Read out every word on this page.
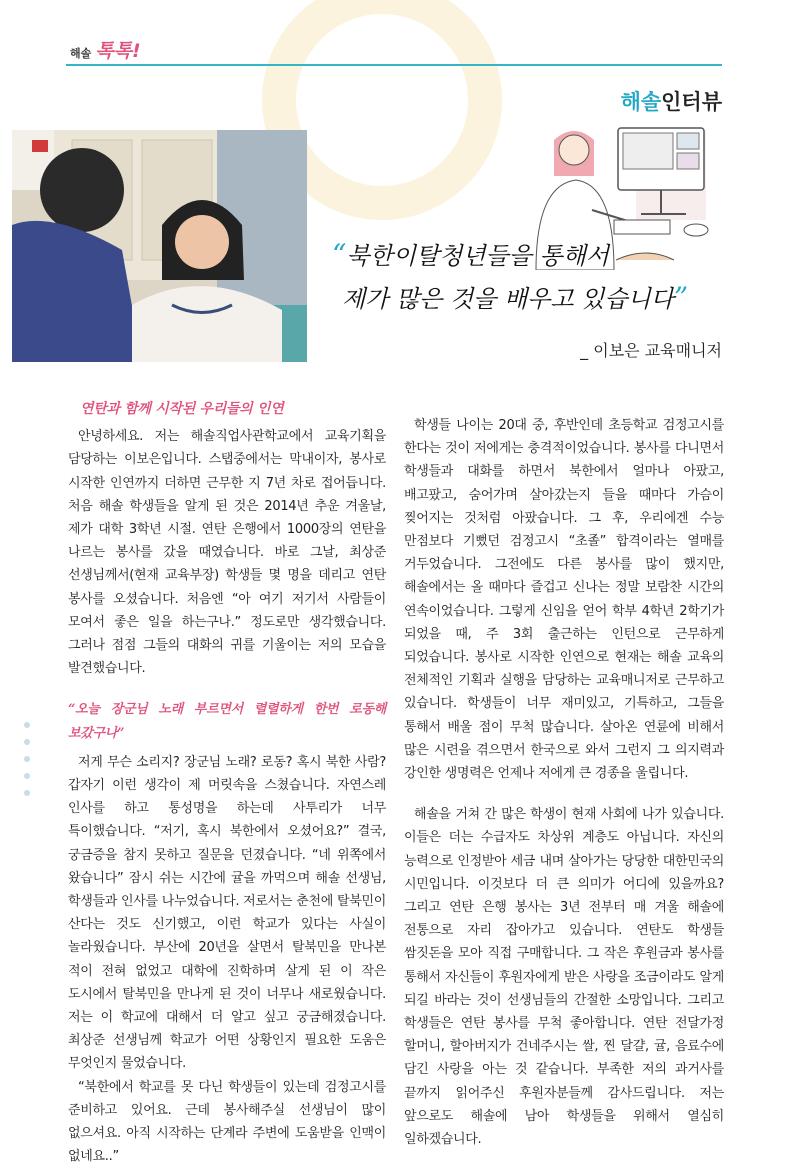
해솔 톡톡!
해솔인터뷰
“북한이탈청년들을 통해서
제가 많은 것을 배우고 있습니다”
_ 이보은 교육매니저
연탄과 함께 시작된 우리들의 인연

안녕하세요. 저는 해솔직업사관학교에서 교육기획을 담당하는 이보은입니다. 스탭중에서는 막내이자, 봉사로 시작한 인연까지 더하면 근무한 지 7년 차로 접어듭니다. 처음 해솔 학생들을 알게 된 것은 2014년 추운 겨울날, 제가 대학 3학년 시절. 연탄 은행에서 1000장의 연탄을 나르는 봉사를 갔을 때였습니다. 바로 그날, 최상준 선생님께서(현재 교육부장) 학생들 몇 명을 데리고 연탄 봉사를 오셨습니다. 처음엔 “아 여기 저기서 사람들이 모여서 좋은 일을 하는구나.” 정도로만 생각했습니다. 그러나 점점 그들의 대화의 귀를 기울이는 저의 모습을 발견했습니다.

“오늘 장군님 노래 부르면서 렬렬하게 한번 로동해 보갔구나”

저게 무슨 소리지? 장군님 노래? 로동? 혹시 북한 사람? 갑자기 이런 생각이 제 머릿속을 스쳤습니다. 자연스레 인사를 하고 통성명을 하는데 사투리가 너무 특이했습니다. “저기, 혹시 북한에서 오셨어요?” 결국, 궁금증을 참지 못하고 질문을 던졌습니다. “네 위쪽에서 왔습니다” 잠시 쉬는 시간에 귤을 까먹으며 해솔 선생님, 학생들과 인사를 나누었습니다. 저로서는 춘천에 탈북민이 산다는 것도 신기했고, 이런 학교가 있다는 사실이 놀라웠습니다. 부산에 20년을 살면서 탈북민을 만나본 적이 전혀 없었고 대학에 진학하며 살게 된 이 작은 도시에서 탈북민을 만나게 된 것이 너무나 새로웠습니다. 저는 이 학교에 대해서 더 알고 싶고 궁금해졌습니다. 최상준 선생님께 학교가 어떤 상황인지 필요한 도움은 무엇인지 물었습니다.

“북한에서 학교를 못 다닌 학생들이 있는데 검정고시를 준비하고 있어요. 근데 봉사해주실 선생님이 많이 없으셔요. 아직 시작하는 단계라 주변에 도움받을 인맥이 없네요..”

학생들 나이는 20대 중, 후반인데 초등학교 검정고시를 한다는 것이 저에게는 충격적이었습니다. 봉사를 다니면서 학생들과 대화를 하면서 북한에서 얼마나 아팠고, 배고팠고, 숨어가며 살아갔는지 들을 때마다 가슴이 찢어지는 것처럼 아팠습니다. 그 후, 우리에겐 수능 만점보다 기뻤던 검정고시 “초졸” 합격이라는 열매를 거두었습니다. 그전에도 다른 봉사를 많이 했지만, 해솔에서는 올 때마다 즐겁고 신나는 정말 보람찬 시간의 연속이었습니다. 그렇게 신임을 얻어 학부 4학년 2학기가 되었을 때, 주 3회 출근하는 인턴으로 근무하게 되었습니다. 봉사로 시작한 인연으로 현재는 해솔 교육의 전체적인 기획과 실행을 담당하는 교육매니저로 근무하고 있습니다. 학생들이 너무 재미있고, 기특하고, 그들을 통해서 배울 점이 무척 많습니다. 살아온 연륜에 비해서 많은 시련을 겪으면서 한국으로 와서 그런지 그 의지력과 강인한 생명력은 언제나 저에게 큰 경종을 울립니다.

해솔을 거쳐 간 많은 학생이 현재 사회에 나가 있습니다. 이들은 더는 수급자도 차상위 계층도 아닙니다. 자신의 능력으로 인정받아 세금 내며 살아가는 당당한 대한민국의 시민입니다. 이것보다 더 큰 의미가 어디에 있을까요? 그리고 연탄 은행 봉사는 3년 전부터 매 겨울 해솔에 전통으로 자리 잡아가고 있습니다. 연탄도 학생들 쌈짓돈을 모아 직접 구매합니다. 그 작은 후원금과 봉사를 통해서 자신들이 후원자에게 받은 사랑을 조금이라도 알게 되길 바라는 것이 선생님들의 간절한 소망입니다. 그리고 학생들은 연탄 봉사를 무척 좋아합니다. 연탄 전달가정 할머니, 할아버지가 건네주시는 쌀, 찐 달걀, 귤, 음료수에 담긴 사랑을 아는 것 같습니다. 부족한 저의 과거사를 끝까지 읽어주신 후원자분들께 감사드립니다. 저는 앞으로도 해솔에 남아 학생들을 위해서 열심히 일하겠습니다.
